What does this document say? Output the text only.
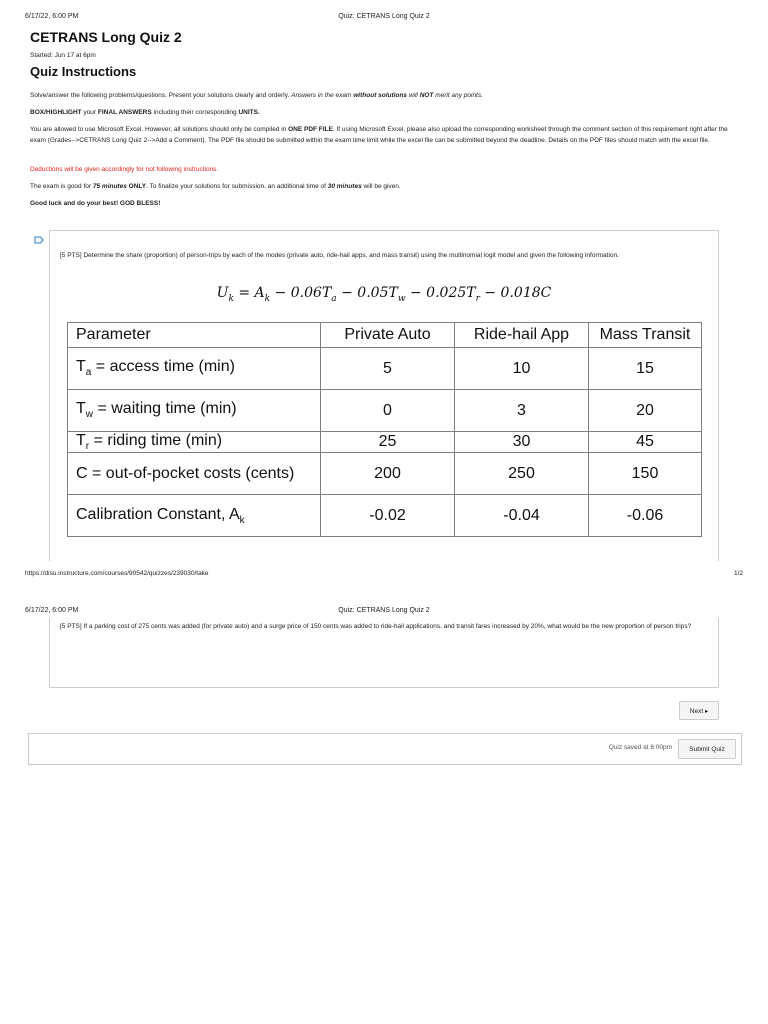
6/17/22, 6:00 PM	Quiz: CETRANS Long Quiz 2
CETRANS Long Quiz 2
Started: Jun 17 at 6pm
Quiz Instructions
Solve/answer the following problems/questions. Present your solutions clearly and orderly. Answers in the exam without solutions will NOT merit any points.
BOX/HIGHLIGHT your FINAL ANSWERS including their corresponding UNITS.
You are allowed to use Microsoft Excel. However, all solutions should only be compiled in ONE PDF FILE. If using Microsoft Excel, please also upload the corresponding worksheet through the comment section of this requirement right after the exam (Grades-->CETRANS Long Quiz 2-->Add a Comment). The PDF file should be submitted within the exam time limit while the excel file can be submitted beyond the deadline. Details on the PDF files should match with the excel file.
Deductions will be given accordingly for not following instructions.
The exam is good for 75 minutes ONLY. To finalize your solutions for submission, an additional time of 30 minutes will be given.
Good luck and do your best! GOD BLESS!
[5 PTS] Determine the share (proportion) of person-trips by each of the modes (private auto, ride-hail apps, and mass transit) using the multinomial logit model and given the following information.
$U_k = A_k - 0.06T_a - 0.05T_w - 0.025T_r - 0.018C$
Parameter	Private Auto	Ride-hail App	Mass Transit
$T_a$ = access time (min)	5	10	15
$T_w$ = waiting time (min)	0	3	20
$T_r$ = riding time (min)	25	30	45
C = out-of-pocket costs (cents)	200	250	150
Calibration Constant, $A_k$	-0.02	-0.04	-0.06
https://disu.instructure.com/courses/90542/quizzes/239030/take	1/2
6/17/22, 6:00 PM	Quiz: CETRANS Long Quiz 2
[5 PTS] If a parking cost of 275 cents was added (for private auto) and a surge price of 150 cents was added to ride-hail applications, and transit fares increased by 20%, what would be the new proportion of person trips?
Next ▸
Quiz saved at 6:00pm	Submit Quiz
